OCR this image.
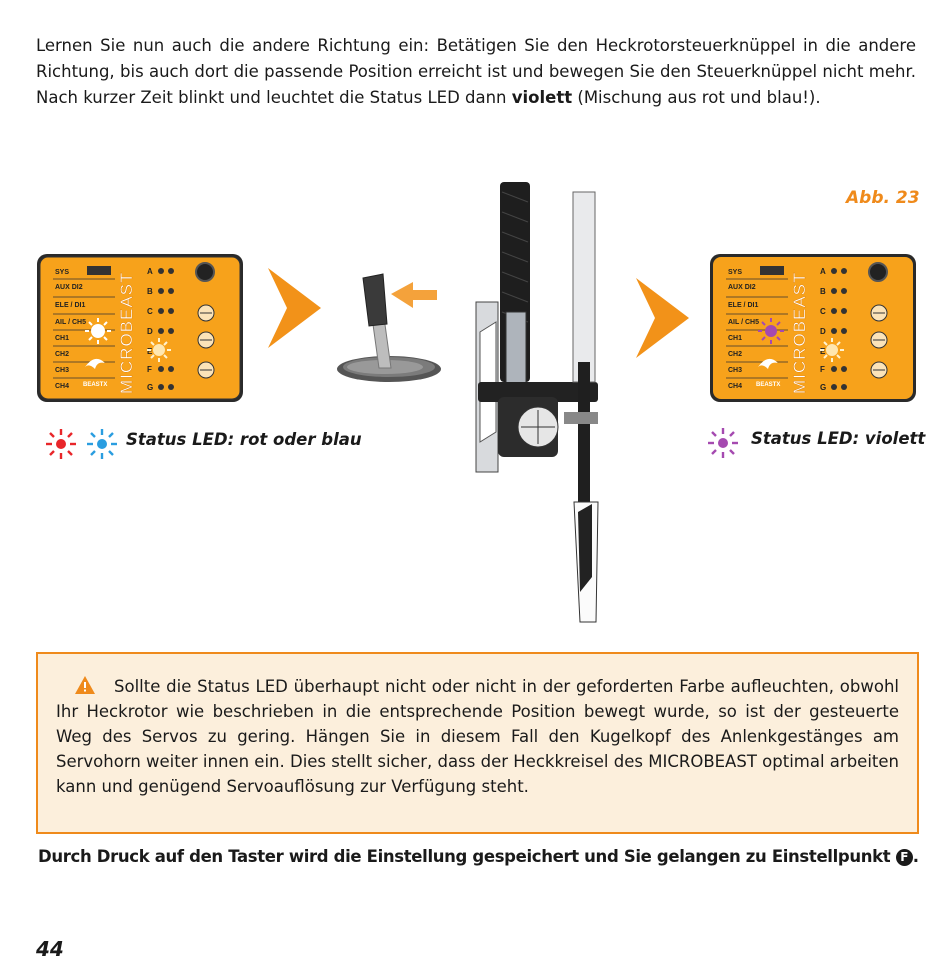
Lernen Sie nun auch die andere Richtung ein: Betätigen Sie den Heckrotorsteuerknüppel in die andere Richtung, bis auch dort die passende Position erreicht ist und bewegen Sie den Steuerknüppel nicht mehr. Nach kurzer Zeit blinkt und leuchtet die Status LED dann violett (Mischung aus rot und blau!).
Abb. 23
SYS
AUX DI2
ELE / DI1
AIL / CH5
CH1
CH2
CH3
CH4
A
B
C
D
E
F
G
MICROBEAST
BEASTX
SYS
AUX DI2
ELE / DI1
AIL / CH5
CH1
CH2
CH3
CH4
A
B
C
D
E
F
G
MICROBEAST
BEASTX
Status LED: rot oder blau	Status LED: violett

Sollte die Status LED überhaupt nicht oder nicht in der geforderten Farbe aufleuchten, obwohl Ihr Heckrotor wie beschrieben in die entsprechende Position bewegt wurde, so ist der gesteuerte Weg des Servos zu gering. Hängen Sie in diesem Fall den Kugelkopf des Anlenkgestänges am Servohorn weiter innen ein. Dies stellt sicher, dass der Heckkreisel des MICROBEAST optimal arbeiten kann und genügend Servoauflösung zur Verfügung steht.

Durch Druck auf den Taster wird die Einstellung gespeichert und Sie gelangen zu Einstellpunkt F .
44
